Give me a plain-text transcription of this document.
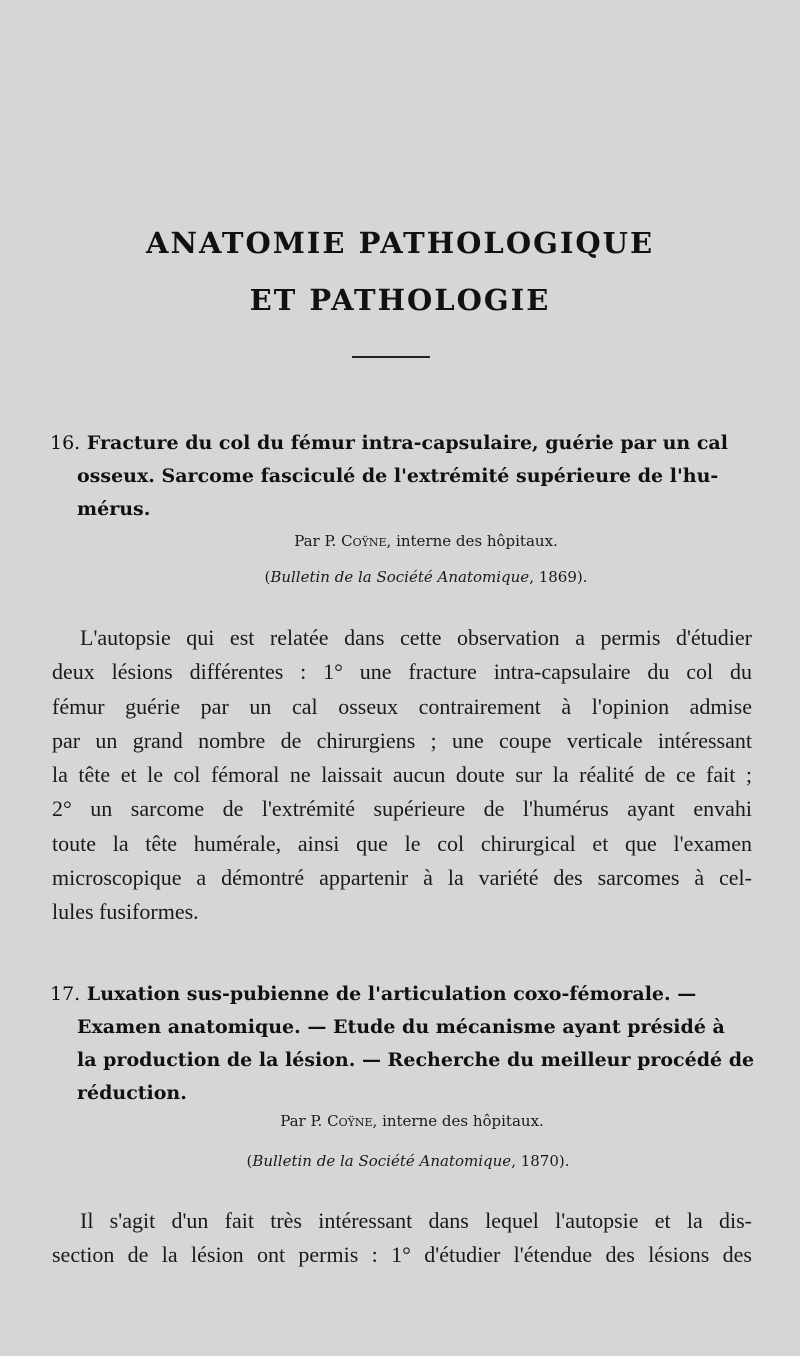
ANATOMIE PATHOLOGIQUE
ET PATHOLOGIE
16. Fracture du col du fémur intra-capsulaire, guérie par un cal
osseux. Sarcome fasciculé de l'extrémité supérieure de l'hu-
mérus.

Par P. Coÿne, interne des hôpitaux.

(Bulletin de la Société Anatomique, 1869).

L'autopsie qui est relatée dans cette observation a permis d'étudier
deux lésions différentes : 1° une fracture intra-capsulaire du col du
fémur guérie par un cal osseux contrairement à l'opinion admise
par un grand nombre de chirurgiens ; une coupe verticale intéressant
la tête et le col fémoral ne laissait aucun doute sur la réalité de ce fait ;
2° un sarcome de l'extrémité supérieure de l'humérus ayant envahi
toute la tête humérale, ainsi que le col chirurgical et que l'examen
microscopique a démontré appartenir à la variété des sarcomes à cel-
lules fusiformes.
17. Luxation sus-pubienne de l'articulation coxo-fémorale. —
Examen anatomique. — Etude du mécanisme ayant présidé à
la production de la lésion. — Recherche du meilleur procédé de
réduction.

Par P. Coÿne, interne des hôpitaux.

(Bulletin de la Société Anatomique, 1870).

Il s'agit d'un fait très intéressant dans lequel l'autopsie et la dis-
section de la lésion ont permis : 1° d'étudier l'étendue des lésions des
